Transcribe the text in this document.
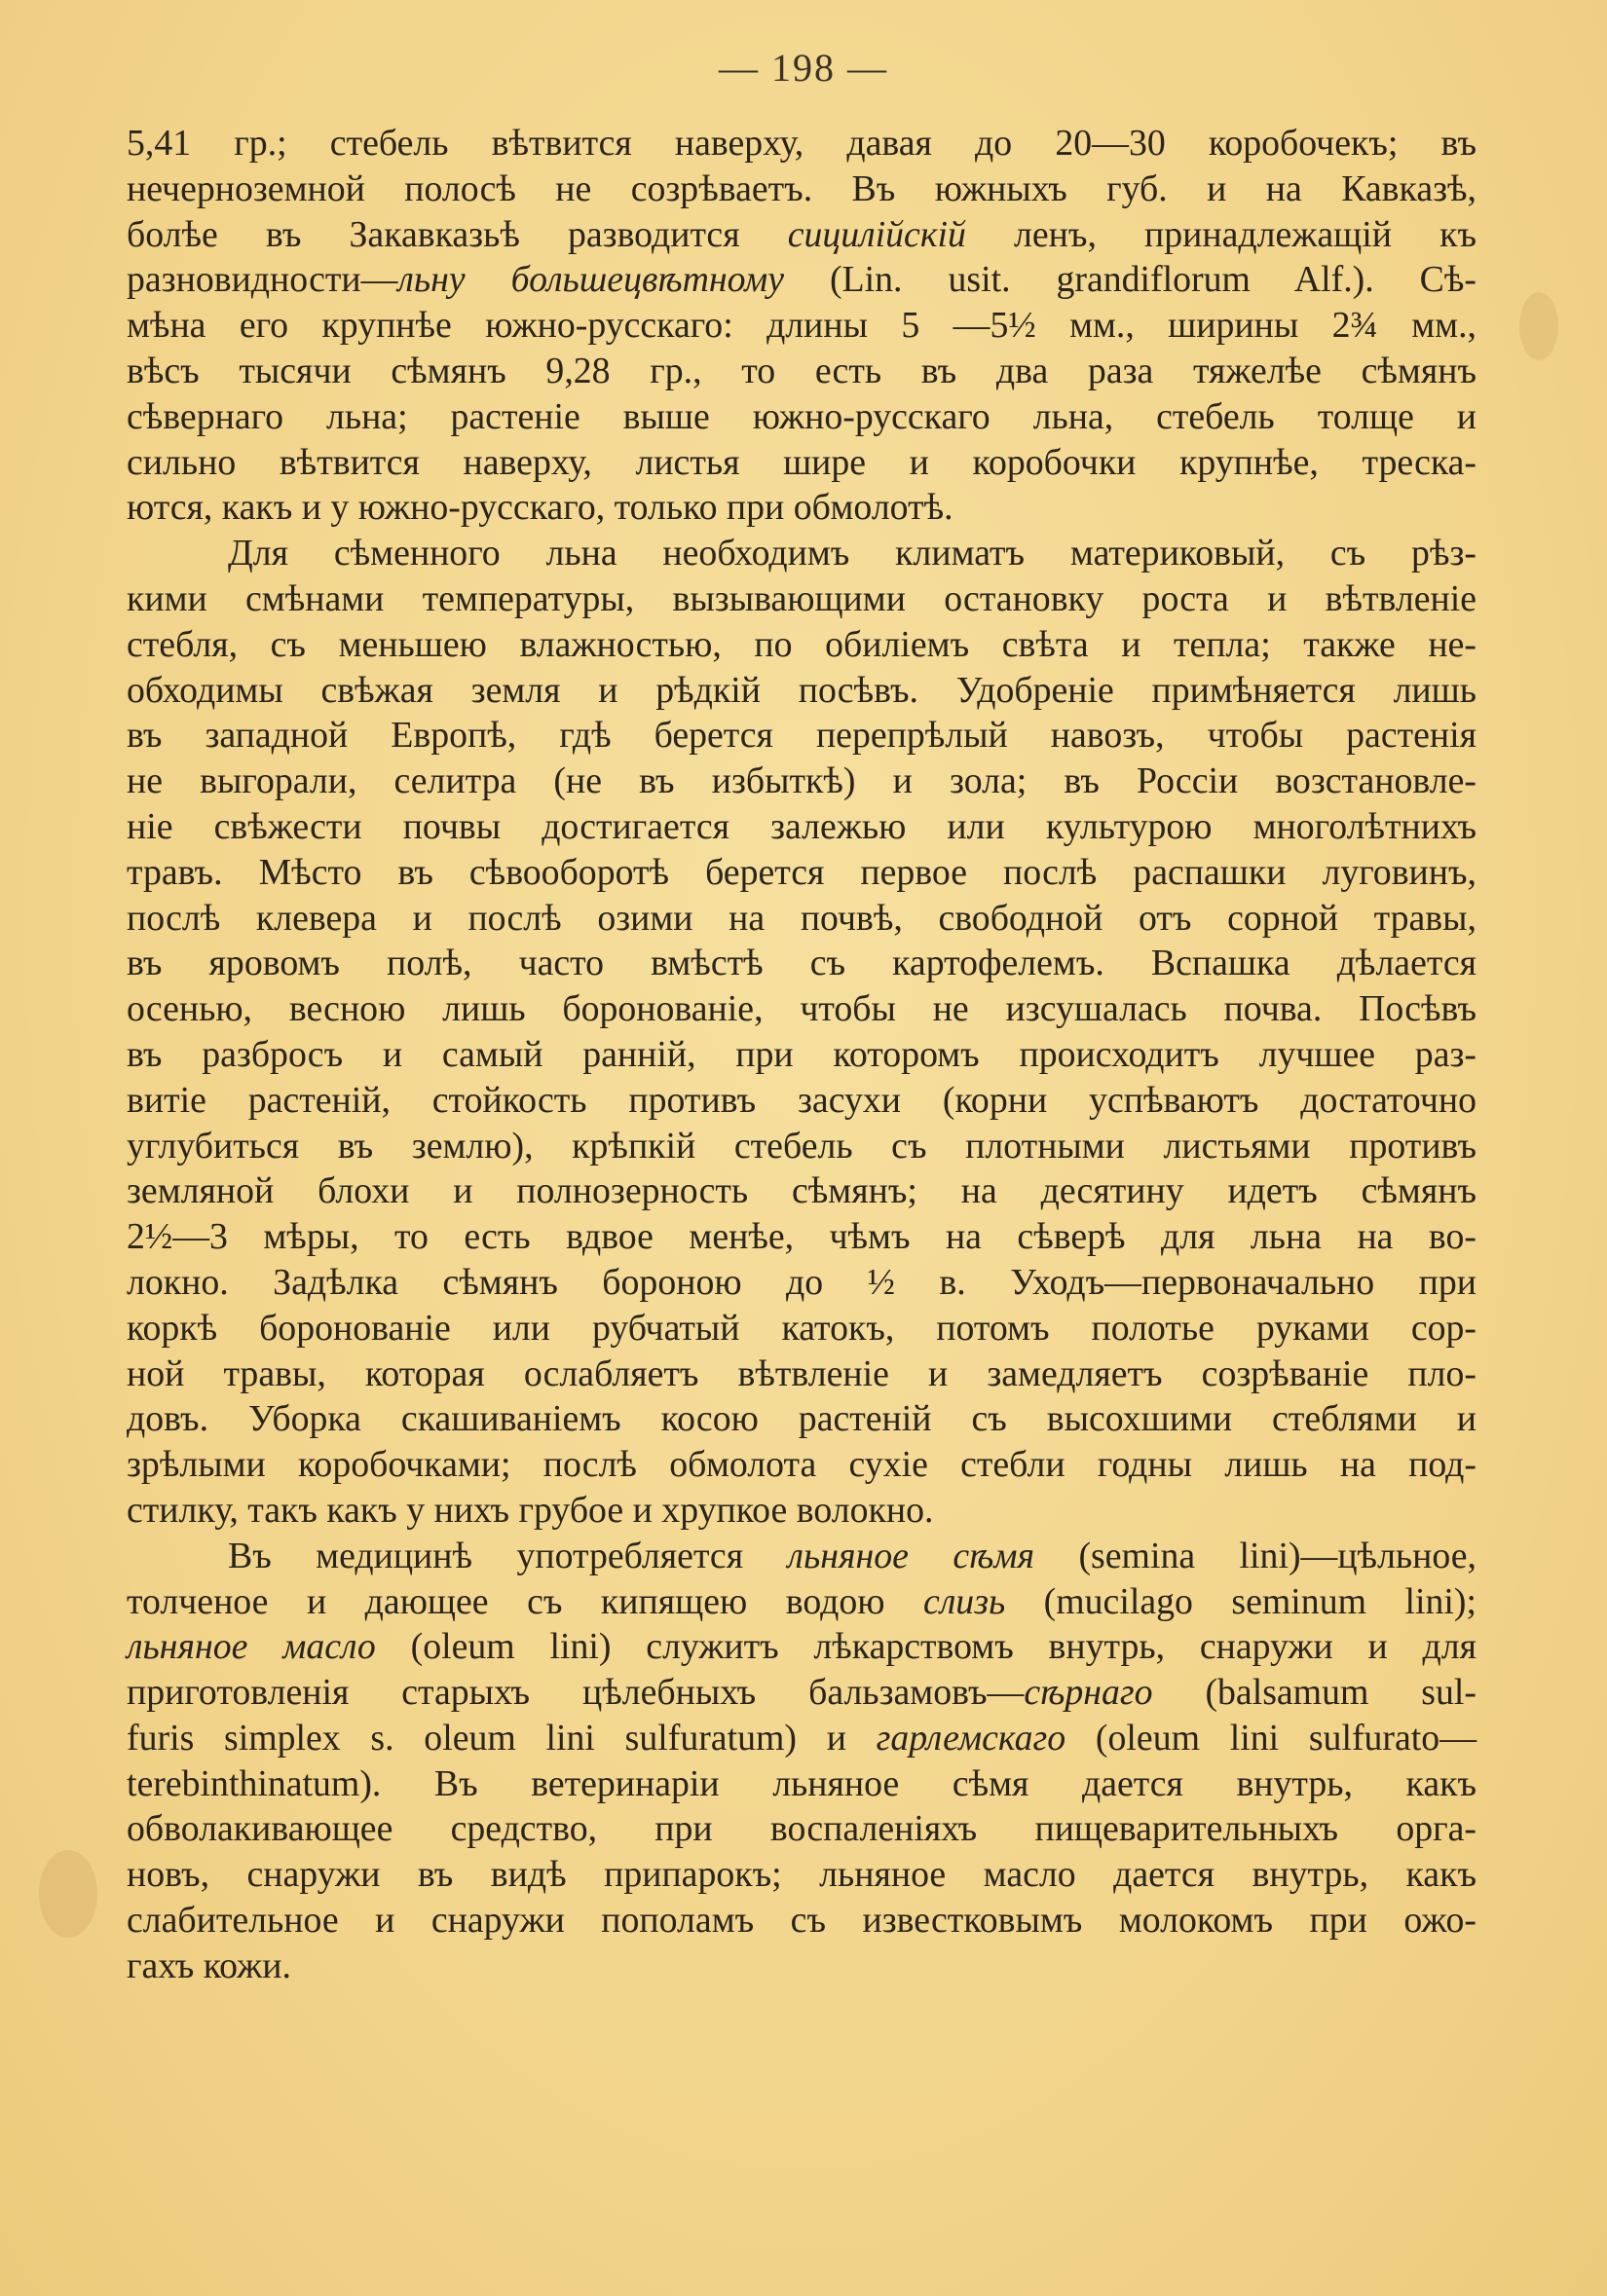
— 198 —
5,41 гр.; стебель вѣтвится наверху, давая до 20—30 коробочекъ; въ
нечерноземной полосѣ не созрѣваетъ. Въ южныхъ губ. и на Кавказѣ,
болѣе въ Закавказьѣ разводится сицилійскій ленъ, принадлежащій къ
разновидности—льну большецвѣтному (Lin. usit. grandiflorum Alf.). Сѣ-
мѣна его крупнѣе южно-русскаго: длины 5 —5½ мм., ширины 2¾ мм.,
вѣсъ тысячи сѣмянъ 9,28 гр., то есть въ два раза тяжелѣе сѣмянъ
сѣвернаго льна; растеніе выше южно-русскаго льна, стебель толще и
сильно вѣтвится наверху, листья шире и коробочки крупнѣе, треска-
ются, какъ и у южно-русскаго, только при обмолотѣ.
Для сѣменного льна необходимъ климатъ материковый, съ рѣз-
кими смѣнами температуры, вызывающими остановку роста и вѣтвленіе
стебля, съ меньшею влажностью, по обиліемъ свѣта и тепла; также не-
обходимы свѣжая земля и рѣдкій посѣвъ. Удобреніе примѣняется лишь
въ западной Европѣ, гдѣ берется перепрѣлый навозъ, чтобы растенія
не выгорали, селитра (не въ избыткѣ) и зола; въ Россіи возстановле-
ніе свѣжести почвы достигается залежью или культурою многолѣтнихъ
травъ. Мѣсто въ сѣвооборотѣ берется первое послѣ распашки луговинъ,
послѣ клевера и послѣ озими на почвѣ, свободной отъ сорной травы,
въ яровомъ полѣ, часто вмѣстѣ съ картофелемъ. Вспашка дѣлается
осенью, весною лишь боронованіе, чтобы не изсушалась почва. Посѣвъ
въ разбросъ и самый ранній, при которомъ происходитъ лучшее раз-
витіе растеній, стойкость противъ засухи (корни успѣваютъ достаточно
углубиться въ землю), крѣпкій стебель съ плотными листьями противъ
земляной блохи и полнозерность сѣмянъ; на десятину идетъ сѣмянъ
2½—3 мѣры, то есть вдвое менѣе, чѣмъ на сѣверѣ для льна на во-
локно. Задѣлка сѣмянъ бороною до ½ в. Уходъ—первоначально при
коркѣ боронованіе или рубчатый катокъ, потомъ полотье руками сор-
ной травы, которая ослабляетъ вѣтвленіе и замедляетъ созрѣваніе пло-
довъ. Уборка скашиваніемъ косою растеній съ высохшими стеблями и
зрѣлыми коробочками; послѣ обмолота сухіе стебли годны лишь на под-
стилку, такъ какъ у нихъ грубое и хрупкое волокно.
Въ медицинѣ употребляется льняное сѣмя (semina lini)—цѣльное,
толченое и дающее съ кипящею водою слизь (mucilago seminum lini);
льняное масло (oleum lini) служитъ лѣкарствомъ внутрь, снаружи и для
приготовленія старыхъ цѣлебныхъ бальзамовъ—сѣрнаго (balsamum sul-
furis simplex s. oleum lini sulfuratum) и гарлемскаго (oleum lini sulfurato—
terebinthinatum). Въ ветеринаріи льняное сѣмя дается внутрь, какъ
обволакивающее средство, при воспаленіяхъ пищеварительныхъ орга-
новъ, снаружи въ видѣ припарокъ; льняное масло дается внутрь, какъ
слабительное и снаружи пополамъ съ известковымъ молокомъ при ожо-
гахъ кожи.
